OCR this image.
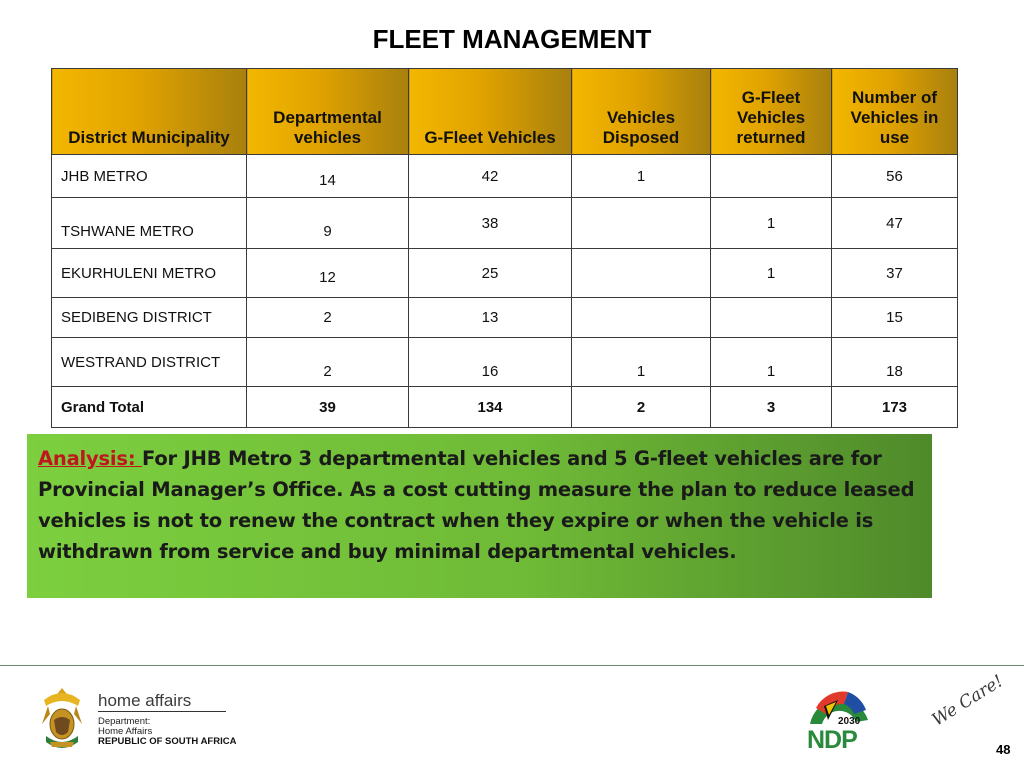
FLEET MANAGEMENT
District Municipality	Departmental vehicles	G-Fleet Vehicles	Vehicles Disposed	G-Fleet Vehicles returned	Number of Vehicles in use
JHB METRO	14	42	1		56
TSHWANE METRO	9	38		1	47
EKURHULENI METRO	12	25		1	37
SEDIBENG DISTRICT	2	13			15
WESTRAND DISTRICT	2	16	1	1	18
Grand Total	39	134	2	3	173
Analysis: For JHB Metro 3 departmental vehicles and 5 G-fleet vehicles are for Provincial Manager’s Office. As a cost cutting measure the plan to reduce leased vehicles is not to renew the contract when they expire or when the vehicle is withdrawn from service and buy minimal departmental vehicles.
home affairs
Department:
Home Affairs
REPUBLIC OF SOUTH AFRICA
2030
NDP
We Care!
48
